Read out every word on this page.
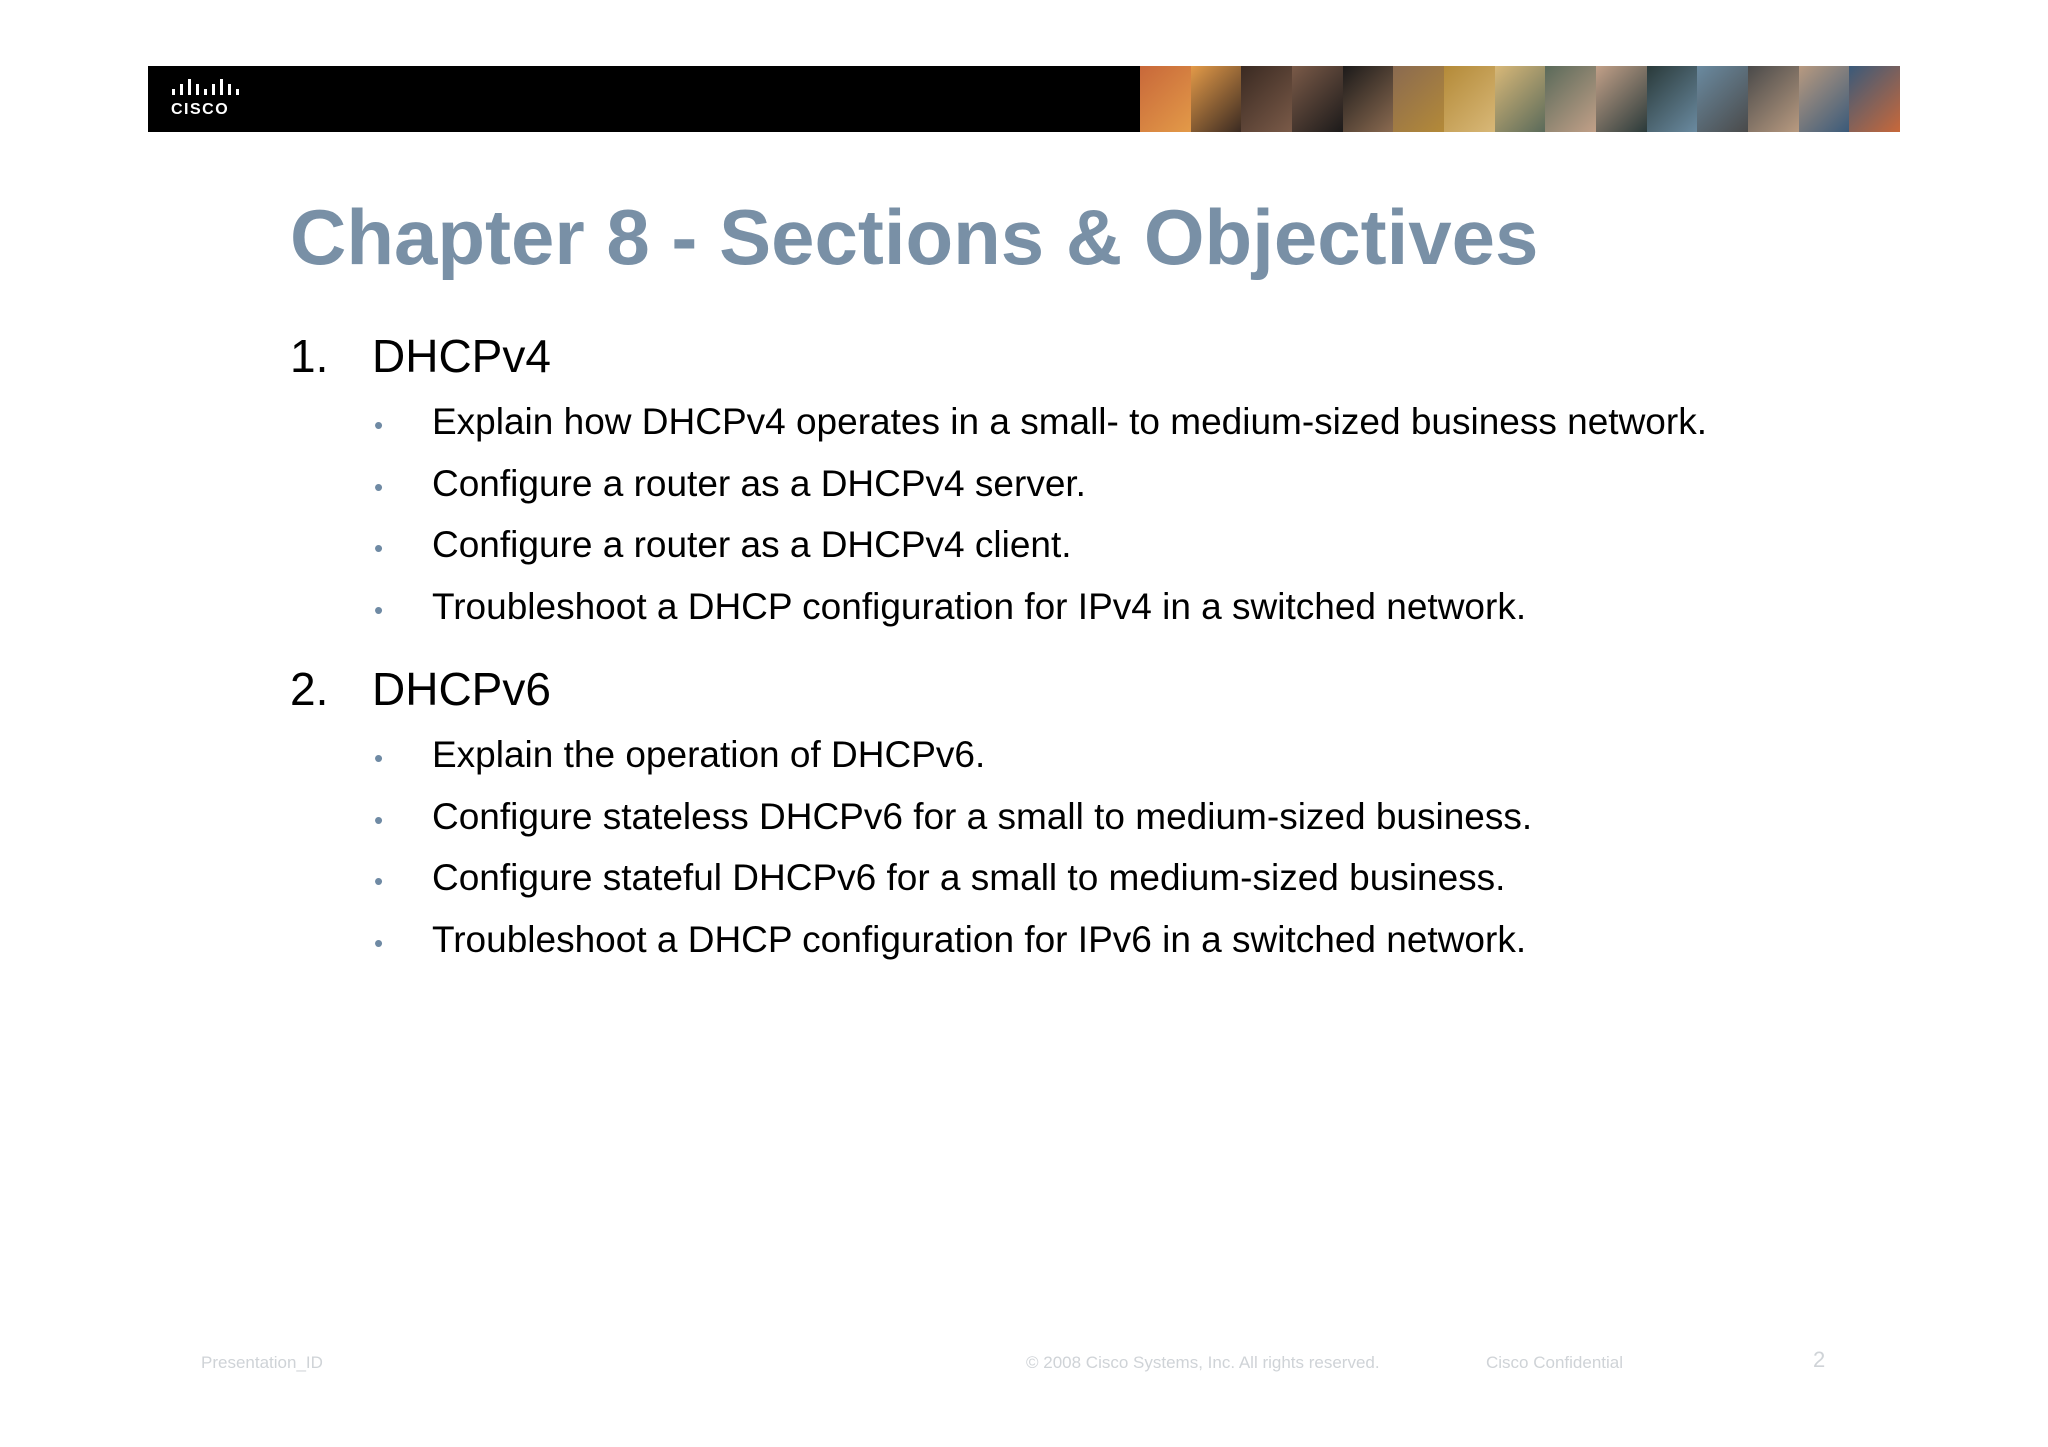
CISCO
Chapter 8 - Sections & Objectives
1. DHCPv4
•	Explain how DHCPv4 operates in a small- to medium-sized business network.
•	Configure a router as a DHCPv4 server.
•	Configure a router as a DHCPv4 client.
•	Troubleshoot a DHCP configuration for IPv4 in a switched network.
2. DHCPv6
•	Explain the operation of DHCPv6.
•	Configure stateless DHCPv6 for a small to medium-sized business.
•	Configure stateful DHCPv6 for a small to medium-sized business.
•	Troubleshoot a DHCP configuration for IPv6 in a switched network.
Presentation_ID	© 2008 Cisco Systems, Inc. All rights reserved.	Cisco Confidential	2
